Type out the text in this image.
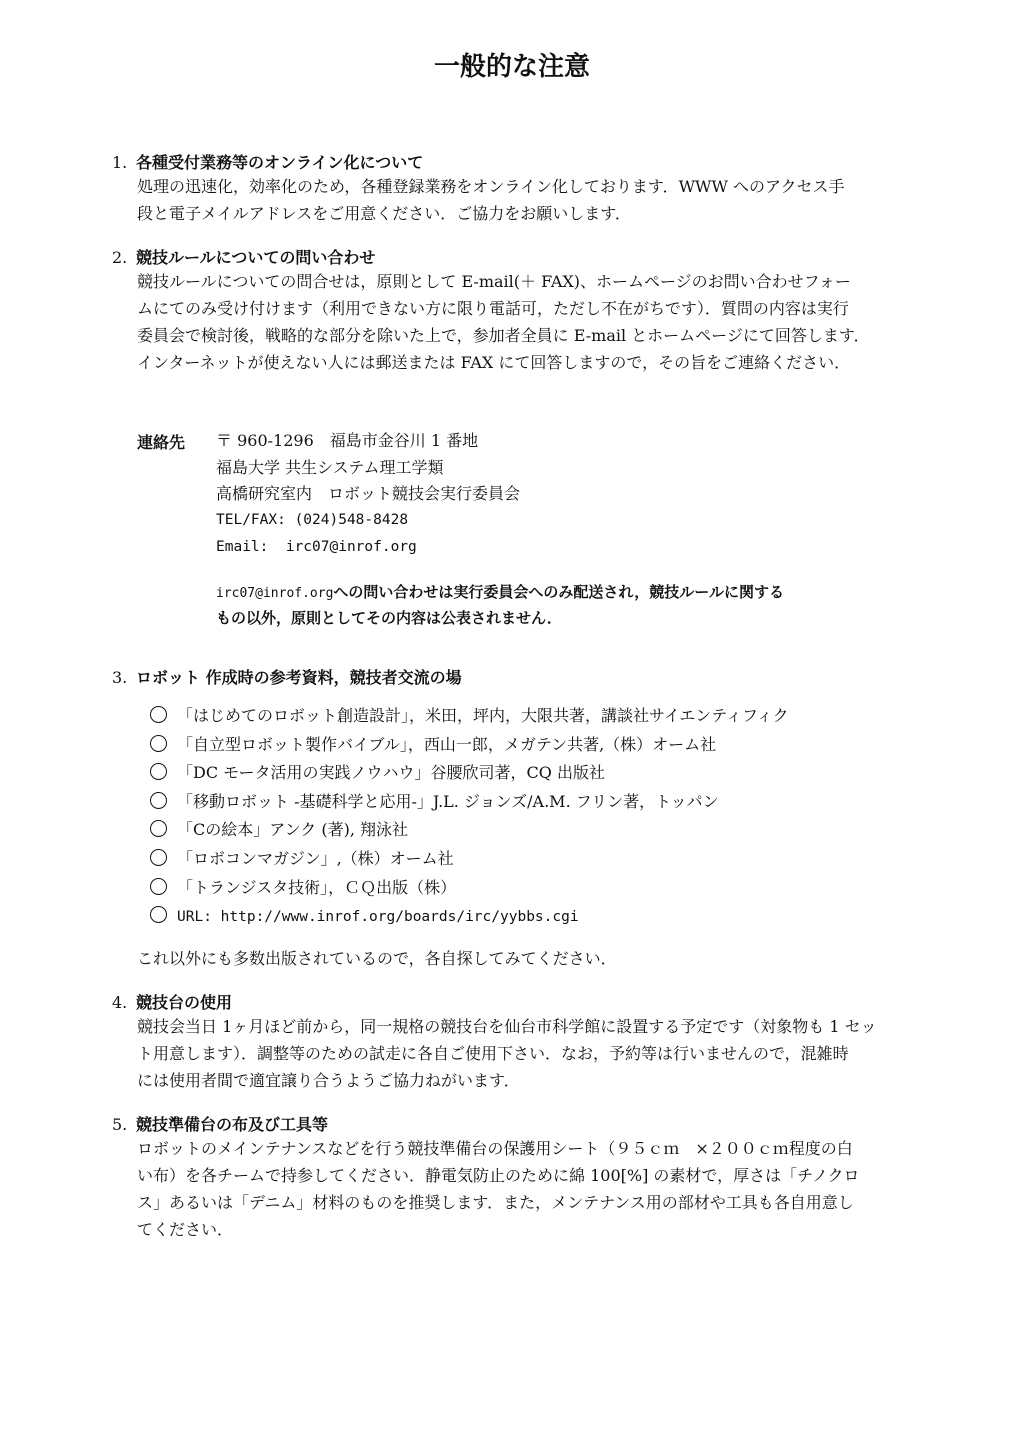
一般的な注意
1. 各種受付業務等のオンライン化について
処理の迅速化，効率化のため，各種登録業務をオンライン化しております．WWW へのアクセス手
段と電子メイルアドレスをご用意ください．ご協力をお願いします．
2. 競技ルールについての問い合わせ
競技ルールについての問合せは，原則として E-mail(＋ FAX)、ホームページのお問い合わせフォー
ムにてのみ受け付けます（利用できない方に限り電話可，ただし不在がちです）．質問の内容は実行
委員会で検討後，戦略的な部分を除いた上で，参加者全員に E-mail とホームページにて回答します．
インターネットが使えない人には郵送または FAX にて回答しますので，その旨をご連絡ください．
連絡先 〒 960-1296　福島市金谷川 1 番地
福島大学 共生システム理工学類
高橋研究室内　ロボット競技会実行委員会
TEL/FAX: (024)548-8428
Email:  irc07@inrof.org
irc07@inrof.orgへの問い合わせは実行委員会へのみ配送され，競技ルールに関する
もの以外，原則としてその内容は公表されません．
3. ロボット 作成時の参考資料，競技者交流の場
「はじめてのロボット創造設計」，米田，坪内，大限共著，講談社サイエンティフィク
「自立型ロボット製作バイブル」，西山一郎，メガテン共著,（株）オーム社
「DC モータ活用の実践ノウハウ」谷腰欣司著，CQ 出版社
「移動ロボット -基礎科学と応用-」J.L. ジョンズ/A.M. フリン著，トッパン
「Cの絵本」アンク (著), 翔泳社
「ロボコンマガジン」,（株）オーム社
「トランジスタ技術」，ＣＱ出版（株）
URL: http://www.inrof.org/boards/irc/yybbs.cgi
これ以外にも多数出版されているので，各自探してみてください．
4. 競技台の使用
競技会当日 1ヶ月ほど前から，同一規格の競技台を仙台市科学館に設置する予定です（対象物も 1 セッ
ト用意します）．調整等のための試走に各自ご使用下さい．なお，予約等は行いませんので，混雑時
には使用者間で適宜譲り合うようご協力ねがいます．
5. 競技準備台の布及び工具等
ロボットのメインテナンスなどを行う競技準備台の保護用シート（９５ｃｍ　×２００ｃｍ程度の白
い布）を各チームで持参してください．静電気防止のために綿 100[%] の素材で，厚さは「チノクロ
ス」あるいは「デニム」材料のものを推奨します．また，メンテナンス用の部材や工具も各自用意し
てください．
